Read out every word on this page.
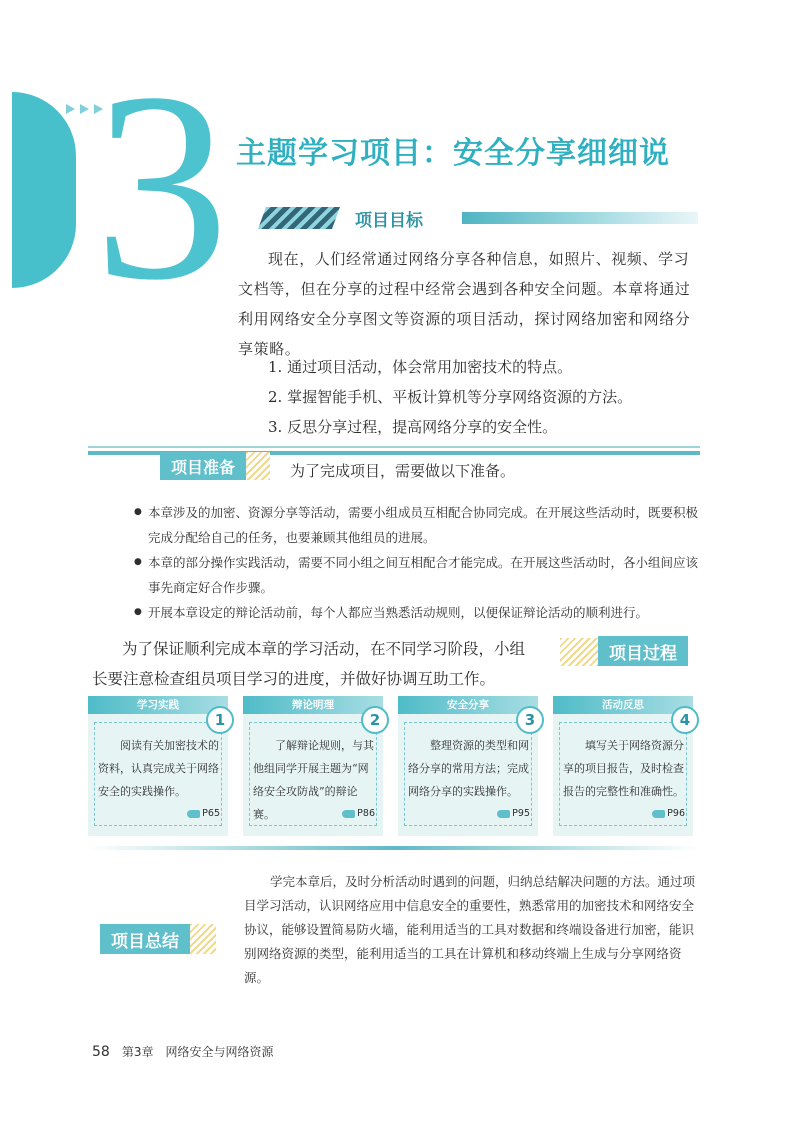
3 主题学习项目：安全分享细细说
项目目标
现在，人们经常通过网络分享各种信息，如照片、视频、学习文档等，但在分享的过程中经常会遇到各种安全问题。本章将通过利用网络安全分享图文等资源的项目活动，探讨网络加密和网络分享策略。
1. 通过项目活动，体会常用加密技术的特点。
2. 掌握智能手机、平板计算机等分享网络资源的方法。
3. 反思分享过程，提高网络分享的安全性。
项目准备	为了完成项目，需要做以下准备。
● 本章涉及的加密、资源分享等活动，需要小组成员互相配合协同完成。在开展这些活动时，既要积极完成分配给自己的任务，也要兼顾其他组员的进展。
● 本章的部分操作实践活动，需要不同小组之间互相配合才能完成。在开展这些活动时，各小组间应该事先商定好合作步骤。
● 开展本章设定的辩论活动前，每个人都应当熟悉活动规则，以便保证辩论活动的顺利进行。
为了保证顺利完成本章的学习活动，在不同学习阶段，小组长要注意检查组员项目学习的进度，并做好协调互助工作。
项目过程
学习实践
1
阅读有关加密技术的资料，认真完成关于网络安全的实践操作。
P65
辩论明理
2
了解辩论规则，与其他组同学开展主题为“网络安全攻防战”的辩论赛。	P86
安全分享
3
整理资源的类型和网络分享的常用方法；完成网络分享的实践操作。
P95
活动反思
4
填写关于网络资源分享的项目报告，及时检查报告的完整性和准确性。
P96
项目总结
学完本章后，及时分析活动时遇到的问题，归纳总结解决问题的方法。通过项目学习活动，认识网络应用中信息安全的重要性，熟悉常用的加密技术和网络安全协议，能够设置简易防火墙，能利用适当的工具对数据和终端设备进行加密，能识别网络资源的类型，能利用适当的工具在计算机和移动终端上生成与分享网络资源。
58 第3章 网络安全与网络资源
